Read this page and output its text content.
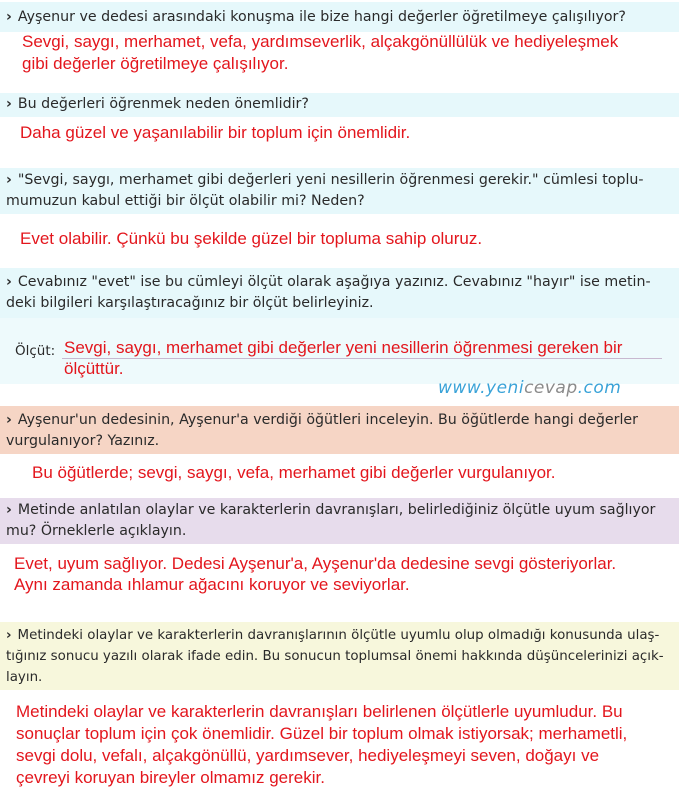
› Ayşenur ve dedesi arasındaki konuşma ile bize hangi değerler öğretilmeye çalışılıyor?

Sevgi, saygı, merhamet, vefa, yardımseverlik, alçakgönüllülük ve hediyeleşmek

gibi değerler öğretilmeye çalışılıyor.

› Bu değerleri öğrenmek neden önemlidir?

Daha güzel ve yaşanılabilir bir toplum için önemlidir.

› "Sevgi, saygı, merhamet gibi değerleri yeni nesillerin öğrenmesi gerekir." cümlesi toplu-
mumuzun kabul ettiği bir ölçüt olabilir mi? Neden?

Evet olabilir. Çünkü bu şekilde güzel bir topluma sahip oluruz.

› Cevabınız "evet" ise bu cümleyi ölçüt olarak aşağıya yazınız. Cevabınız "hayır" ise metin-
deki bilgileri karşılaştıracağınız bir ölçüt belirleyiniz.
Ölçüt: Sevgi, saygı, merhamet gibi değerler yeni nesillerin öğrenmesi gereken bir

ölçüttür.

www.yenicevap.com
› Ayşenur'un dedesinin, Ayşenur'a verdiği öğütleri inceleyin. Bu öğütlerde hangi değerler
vurgulanıyor? Yazınız.

Bu öğütlerde; sevgi, saygı, vefa, merhamet gibi değerler vurgulanıyor.

› Metinde anlatılan olaylar ve karakterlerin davranışları, belirlediğiniz ölçütle uyum sağlıyor
mu? Örneklerle açıklayın.

Evet, uyum sağlıyor. Dedesi Ayşenur'a, Ayşenur'da dedesine sevgi gösteriyorlar.

Aynı zamanda ıhlamur ağacını koruyor ve seviyorlar.

› Metindeki olaylar ve karakterlerin davranışlarının ölçütle uyumlu olup olmadığı konusunda ulaş-
tığınız sonucu yazılı olarak ifade edin. Bu sonucun toplumsal önemi hakkında düşüncelerinizi açık-
layın.

Metindeki olaylar ve karakterlerin davranışları belirlenen ölçütlerle uyumludur. Bu

sonuçlar toplum için çok önemlidir. Güzel bir toplum olmak istiyorsak; merhametli,

sevgi dolu, vefalı, alçakgönüllü, yardımsever, hediyeleşmeyi seven, doğayı ve

çevreyi koruyan bireyler olmamız gerekir.
